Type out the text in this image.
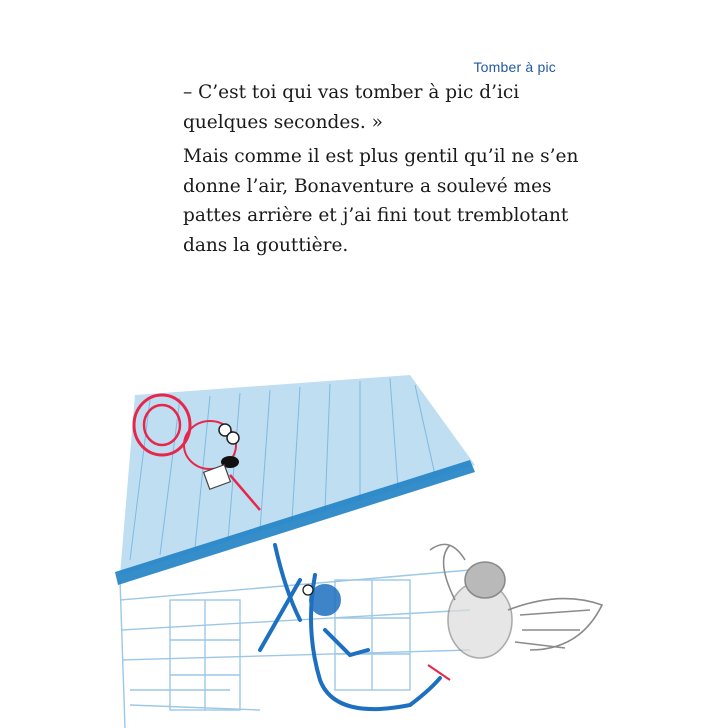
Tomber à pic

– C’est toi qui vas tomber à pic d’ici quelques secondes. »

Mais comme il est plus gentil qu’il ne s’en donne l’air, Bonaventure a soulevé mes pattes arrière et j’ai fini tout tremblotant dans la gouttière.
